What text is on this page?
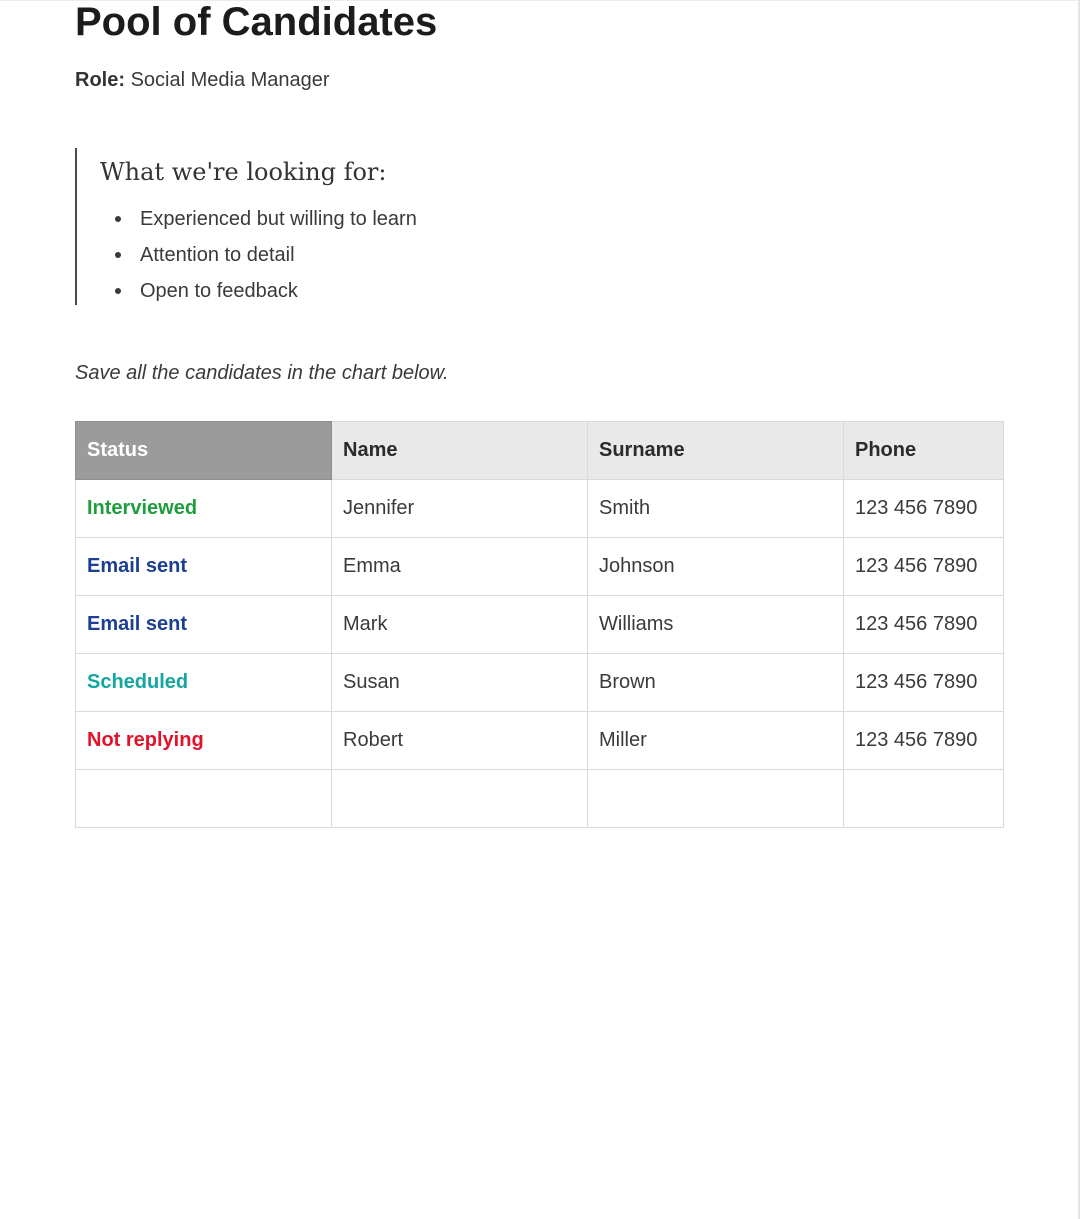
Pool of Candidates
Role: Social Media Manager
What we're looking for:
Experienced but willing to learn
Attention to detail
Open to feedback
Save all the candidates in the chart below.
Status	Name	Surname	Phone
Interviewed	Jennifer	Smith	123 456 7890
Email sent	Emma	Johnson	123 456 7890
Email sent	Mark	Williams	123 456 7890
Scheduled	Susan	Brown	123 456 7890
Not replying	Robert	Miller	123 456 7890
